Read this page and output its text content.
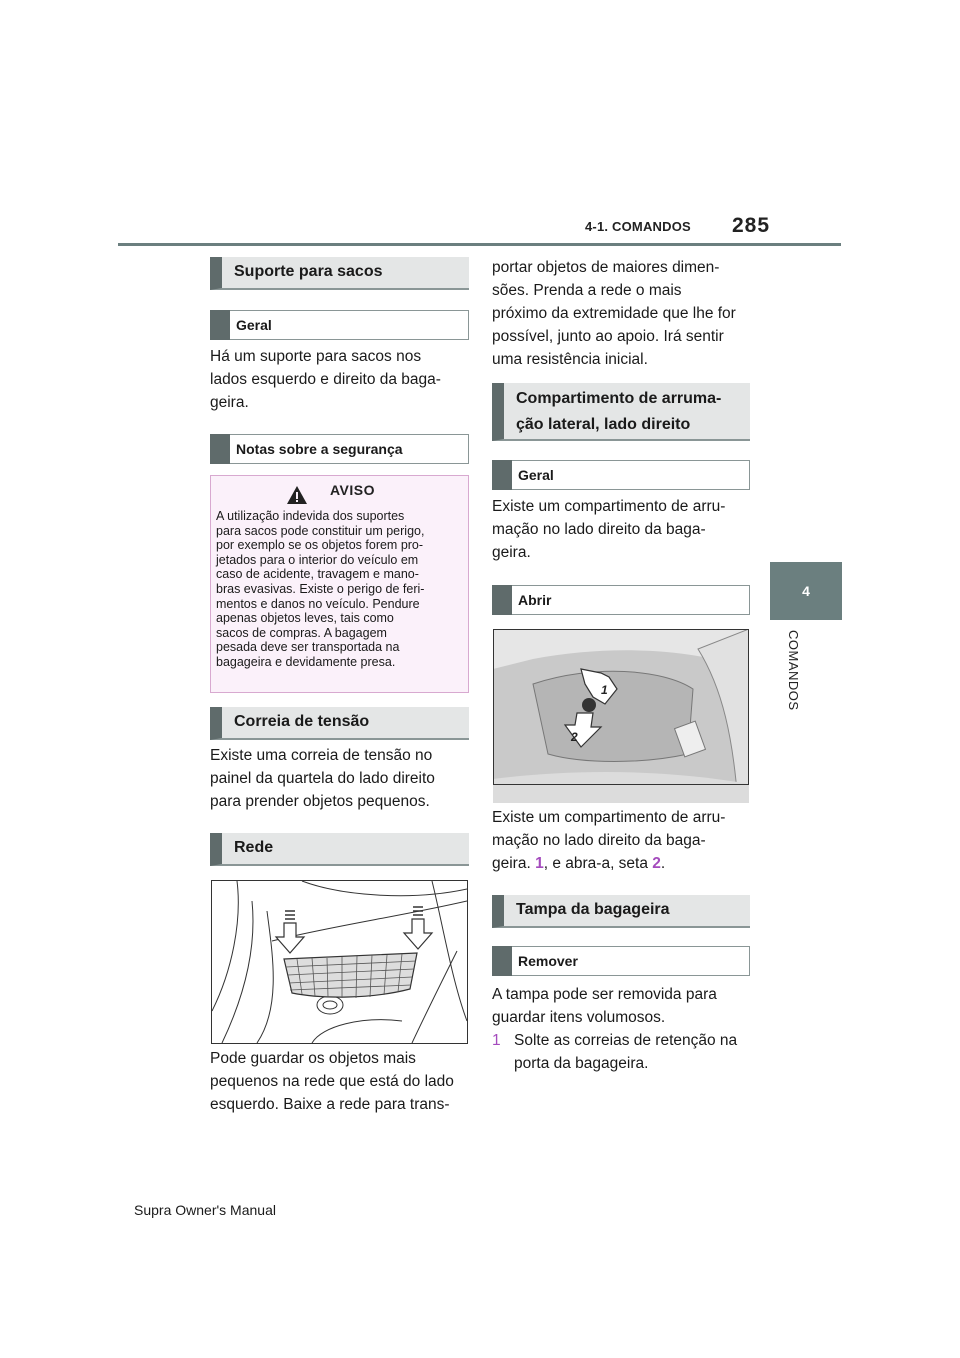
4-1. COMANDOS 285
4
COMANDOS
Suporte para sacos
Geral
Há um suporte para sacos nos
lados esquerdo e direito da baga-
geira.
Notas sobre a segurança
AVISO
A utilização indevida dos suportes
para sacos pode constituir um perigo,
por exemplo se os objetos forem pro-
jetados para o interior do veículo em
caso de acidente, travagem e mano-
bras evasivas. Existe o perigo de feri-
mentos e danos no veículo. Pendure
apenas objetos leves, tais como
sacos de compras. A bagagem
pesada deve ser transportada na
bagageira e devidamente presa.
Correia de tensão
Existe uma correia de tensão no
painel da quartela do lado direito
para prender objetos pequenos.
Rede
Pode guardar os objetos mais
pequenos na rede que está do lado
esquerdo. Baixe a rede para trans-
portar objetos de maiores dimen-
sões. Prenda a rede o mais
próximo da extremidade que lhe for
possível, junto ao apoio. Irá sentir
uma resistência inicial.
Compartimento de arruma-
ção lateral, lado direito
Geral
Existe um compartimento de arru-
mação no lado direito da baga-
geira.
Abrir
1
2
Existe um compartimento de arru-
mação no lado direito da baga-
geira. 1, e abra-a, seta 2.
Tampa da bagageira
Remover
A tampa pode ser removida para
guardar itens volumosos.
1 Solte as correias de retenção na
porta da bagageira.
Supra Owner's Manual
